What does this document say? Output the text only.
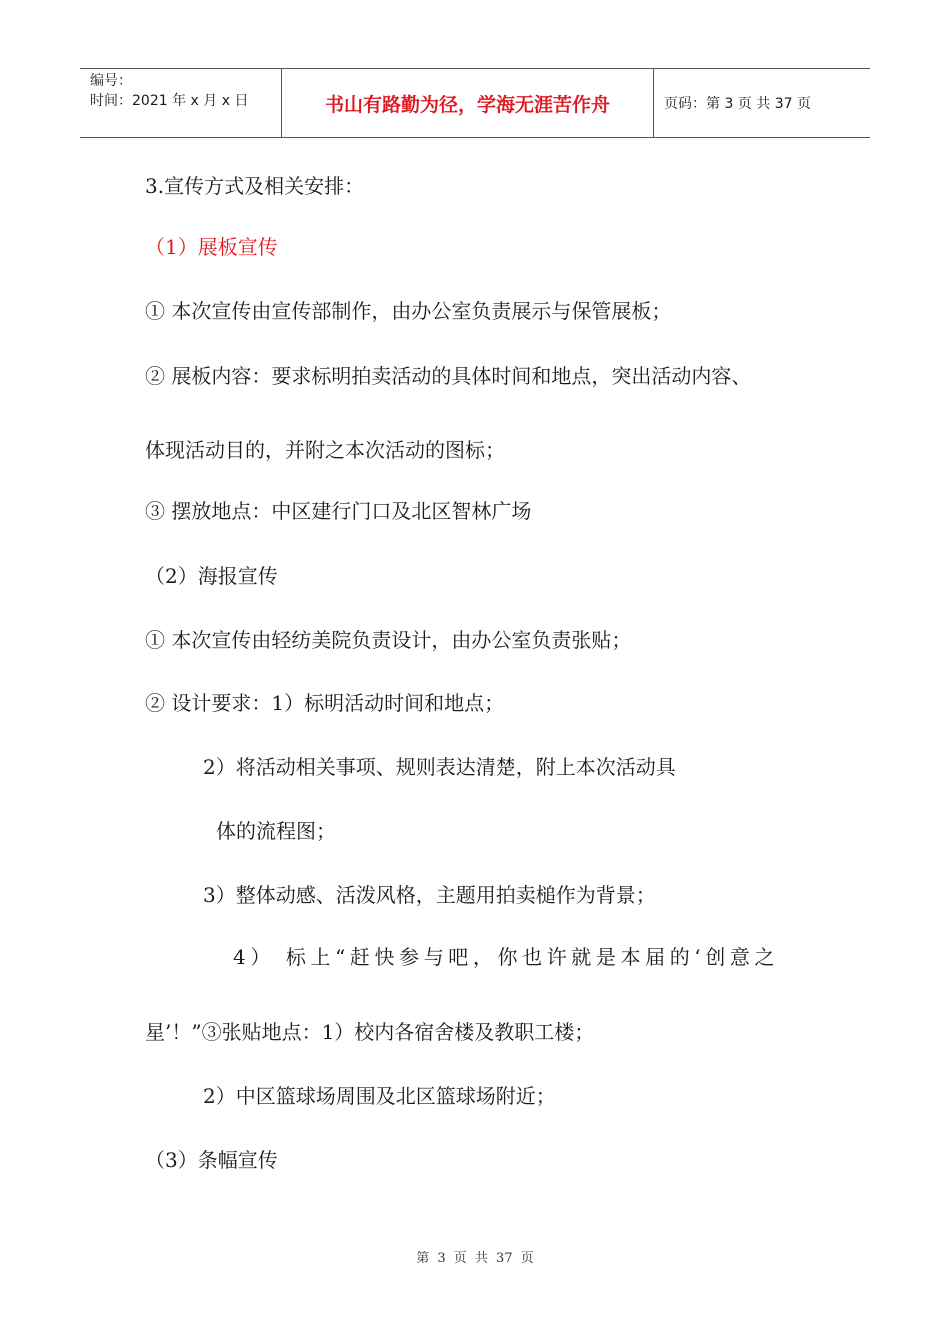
编号：
时间：2021 年 x 月 x 日	书山有路勤为径，学海无涯苦作舟	页码：第 3 页 共 37 页
3.宣传方式及相关安排：
（1）展板宣传
① 本次宣传由宣传部制作，由办公室负责展示与保管展板；
② 展板内容：要求标明拍卖活动的具体时间和地点，突出活动内容、
体现活动目的，并附之本次活动的图标；
③ 摆放地点：中区建行门口及北区智林广场
（2）海报宣传
① 本次宣传由轻纺美院负责设计，由办公室负责张贴；
② 设计要求：1）标明活动时间和地点；
2）将活动相关事项、规则表达清楚，附上本次活动具
体的流程图；
3）整体动感、活泼风格，主题用拍卖槌作为背景；
4） 标上“赶快参与吧，你也许就是本届的‘创意之
星’！”③张贴地点：1）校内各宿舍楼及教职工楼；
2）中区篮球场周围及北区篮球场附近；
（3）条幅宣传
第 3 页 共 37 页
